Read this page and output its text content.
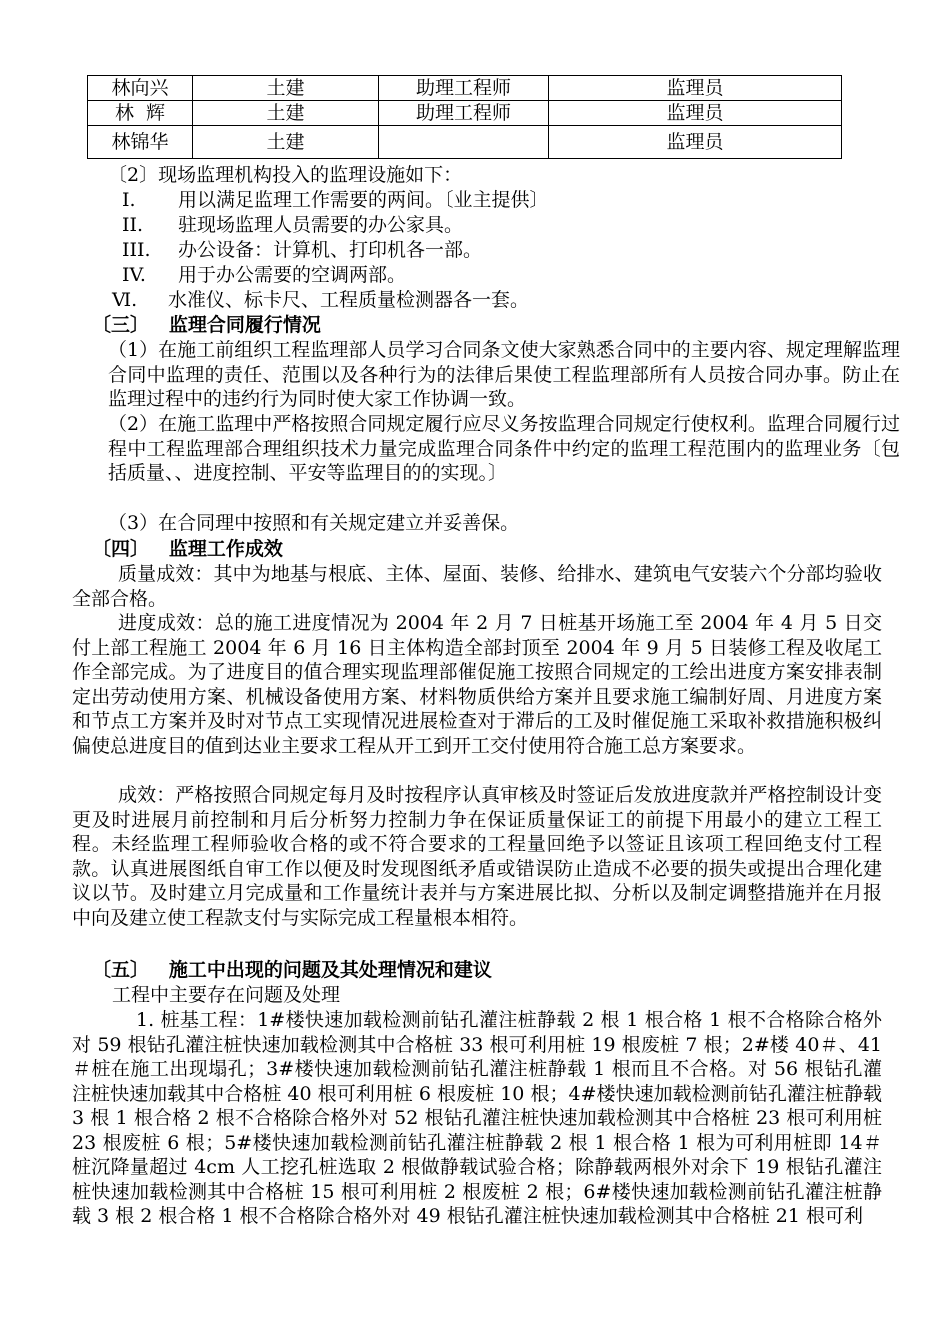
林向兴	土建	助理工程师	监理员
林  辉	土建	助理工程师	监理员
林锦华	土建		监理员
〔2〕现场监理机构投入的监理设施如下：
I. 用以满足监理工作需要的两间。〔业主提供〕
II. 驻现场监理人员需要的办公家具。
III. 办公设备：计算机、打印机各一部。
IV. 用于办公需要的空调两部。
Ⅵ. 水准仪、标卡尺、工程质量检测器各一套。
〔三〕   监理合同履行情况
（1）在施工前组织工程监理部人员学习合同条文使大家熟悉合同中的主要内容、规定理解监理合同中监理的责任、范围以及各种行为的法律后果使工程监理部所有人员按合同办事。防止在监理过程中的违约行为同时使大家工作协调一致。
（2）在施工监理中严格按照合同规定履行应尽义务按监理合同规定行使权利。监理合同履行过程中工程监理部合理组织技术力量完成监理合同条件中约定的监理工程范围内的监理业务〔包括质量、、进度控制、平安等监理目的的实现。〕
（3）在合同理中按照和有关规定建立并妥善保。
〔四〕   监理工作成效
质量成效：其中为地基与根底、主体、屋面、装修、给排水、建筑电气安装六个分部均验收全部合格。
进度成效：总的施工进度情况为 2004 年 2 月 7 日桩基开场施工至 2004 年 4 月 5 日交付上部工程施工 2004 年 6 月 16 日主体构造全部封顶至 2004 年 9 月 5 日装修工程及收尾工作全部完成。为了进度目的值合理实现监理部催促施工按照合同规定的工绘出进度方案安排表制定出劳动使用方案、机械设备使用方案、材料物质供给方案并且要求施工编制好周、月进度方案和节点工方案并及时对节点工实现情况进展检查对于滞后的工及时催促施工采取补救措施积极纠偏使总进度目的值到达业主要求工程从开工到开工交付使用符合施工总方案要求。
成效：严格按照合同规定每月及时按程序认真审核及时签证后发放进度款并严格控制设计变更及时进展月前控制和月后分析努力控制力争在保证质量保证工的前提下用最小的建立工程工程。未经监理工程师验收合格的或不符合要求的工程量回绝予以签证且该项工程回绝支付工程款。认真进展图纸自审工作以便及时发现图纸矛盾或错误防止造成不必要的损失或提出合理化建议以节。及时建立月完成量和工作量统计表并与方案进展比拟、分析以及制定调整措施并在月报中向及建立使工程款支付与实际完成工程量根本相符。
〔五〕   施工中出现的问题及其处理情况和建议
工程中主要存在问题及处理
1. 桩基工程：1#楼快速加载检测前钻孔灌注桩静载 2 根 1 根合格 1 根不合格除合格外对 59 根钻孔灌注桩快速加载检测其中合格桩 33 根可利用桩 19 根废桩 7 根；2#楼 40＃、41＃桩在施工出现塌孔；3#楼快速加载检测前钻孔灌注桩静载 1 根而且不合格。对 56 根钻孔灌注桩快速加载其中合格桩 40 根可利用桩 6 根废桩 10 根；4#楼快速加载检测前钻孔灌注桩静载 3 根 1 根合格 2 根不合格除合格外对 52 根钻孔灌注桩快速加载检测其中合格桩 23 根可利用桩 23 根废桩 6 根；5#楼快速加载检测前钻孔灌注桩静载 2 根 1 根合格 1 根为可利用桩即 14＃桩沉降量超过 4cm 人工挖孔桩选取 2 根做静载试验合格；除静载两根外对余下 19 根钻孔灌注桩快速加载检测其中合格桩 15 根可利用桩 2 根废桩 2 根；6#楼快速加载检测前钻孔灌注桩静载 3 根 2 根合格 1 根不合格除合格外对 49 根钻孔灌注桩快速加载检测其中合格桩 21 根可利
